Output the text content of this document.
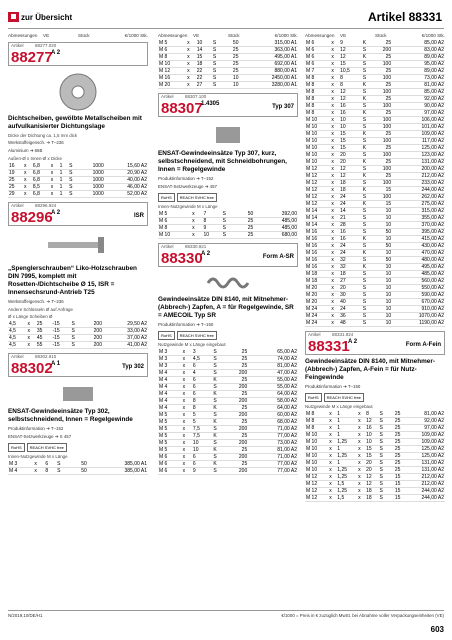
zur Übersicht	Artikel 88331
Abmessungen	VE	Stück	€/1000 Stk.
Artikel	88277.020
88277
A 2
Dichtscheiben, gewölbte Metallscheiben mit aufvulkanisierter Dichtungslage
Dicke der Dichtung ca. 1,5 mm dick
Werkstoffeigensch. ➔ T–236
Aluminium ➔ 66B
Außen-Ø x Innen-Ø x Dicke
16	x	6,8	x	1	S	1000	15,60 A2
19	x	6,8	x	1	S	1000	20,90 A2
25	x	6,8	x	1	S	1000	40,00 A2
25	x	8,5	x	1	S	1000	46,00 A2
29	x	6,8	x	1	S	1000	52,00 A2
Artikel	88296.924
88296
A 2	ISR
„Spenglerschrauben“ Liko-Holzschrauben DIN 7995, komplett mit Rosetten-/Dichtscheibe Ø 15, ISR = Innensechsrund-Antrieb T25
Werkstoffeigensch. ➔ T–236
Andere Schlüsseln Ø auf Anfrage
Ø x Länge Scheiben Ø
4,5	x	25	-15	S	200	29,50 A2
4,5	x	35	-15	S	200	33,00 A2
4,5	x	45	-15	S	200	37,00 A2
4,5	x	55	-15	S	200	41,00 A2
Artikel	88302.910
88302
A 1	Typ 302
ENSAT-Gewindeeinsätze Typ 302, selbstschneidend, Innen = Regelgewinde
Produktinformation ➔ T–152
ENSAT-Setzwerkzeuge ➔ S 457
RoHS	REACH SVHC free
Innen-Nutzgewinde M x Länge
M 3	x	6	S	50	385,00 A1
M 4	x	8	S	50	385,00 A1
Abmessungen	VE	Stück	€/1000 Stk.
M 5	x	10	S	50	315,00 A1
M 6	x	14	S	25	363,00 A1
M 8	x	15	S	25	495,00 A1
M 10	x	18	S	25	692,00 A1
M 12	x	22	S	25	880,00 A1
M 16	x	22	S	10	2450,00 A1
M 20	x	27	S	10	3280,00 A1
Artikel	88307.100
88307
1.4305	Typ 307
ENSAT-Gewindeeinsätze Typ 307, kurz, selbstschneidend, mit Schneidbohrungen, Innen = Regelgewinde
Produktinformation ➔ T–152
ENSAT-Setzwerkzeuge ➔ 457
RoHS	REACH SVHC free
Innen-Nutzgewinde M x Länge
M 5	x	7	S	50	392,00
M 6	x	8	S	25	485,00
M 8	x	9	S	25	485,00
M 10	x	10	S	25	680,00
Artikel	88330.921
88330
A 2	Form A-SR
Gewindeeinsätze DIN 8140, mit Mitnehmer- (Abbrech-) Zapfen, A = für Regelgewinde, SR = AMECOIL Typ SR
Produktinformation ➔ T–150
RoHS	REACH SVHC free
Nutzgewinde M x Länge eingebaut
M 3	x	3	S	25	65,00 A2
M 3	x	4,5	S	25	74,00 A2
M 3	x	6	S	25	81,00 A2
M 4	x	4	S	200	47,00 A2
M 4	x	6	K	25	55,00 A2
M 4	x	6	S	200	55,00 A2
M 4	x	6	K	25	64,00 A2
M 4	x	8	S	200	58,00 A2
M 4	x	8	K	25	64,00 A2
M 5	x	5	S	200	60,00 A2
M 5	x	5	K	25	68,00 A2
M 5	x	7,5	S	200	71,00 A2
M 5	x	7,5	K	25	77,00 A2
M 5	x	10	S	200	73,00 A2
M 5	x	10	K	25	81,00 A2
M 6	x	6	S	200	71,00 A2
M 6	x	6	K	25	77,00 A2
M 6	x	9	S	200	77,00 A2
Abmessungen	VE	Stück	€/1000 Stk.
M 6	x	9	K	25	85,00 A2
M 6	x	12	S	200	83,00 A2
M 6	x	12	K	25	89,00 A2
M 6	x	15	S	100	95,00 A2
M 7	x	10,5	S	25	89,00 A2
M 8	x	8	S	100	73,00 A2
M 8	x	8	K	25	81,00 A2
M 8	x	12	S	100	85,00 A2
M 8	x	12	K	25	92,00 A2
M 8	x	16	S	100	90,00 A2
M 8	x	16	K	25	97,00 A2
M 10	x	10	S	100	106,00 A2
M 10	x	10	S	100	101,00 A2
M 10	x	15	K	25	109,00 A2
M 10	x	15	S	100	117,00 A2
M 10	x	15	K	25	125,00 A2
M 10	x	20	S	100	123,00 A2
M 10	x	20	K	25	131,00 A2
M 12	x	12	S	100	200,00 A2
M 12	x	12	K	25	212,00 A2
M 12	x	18	S	100	233,00 A2
M 12	x	18	K	15	244,00 A2
M 12	x	24	S	100	262,00 A2
M 12	x	24	K	15	275,00 A2
M 14	x	14	S	10	315,00 A2
M 14	x	21	S	10	355,00 A2
M 14	x	28	S	10	370,00 A2
M 16	x	16	S	50	395,00 A2
M 16	x	16	K	10	415,00 A2
M 16	x	24	S	50	430,00 A2
M 16	x	24	K	10	470,00 A2
M 16	x	32	S	50	480,00 A2
M 16	x	32	K	10	495,00 A2
M 18	x	18	S	10	485,00 A2
M 18	x	27	S	10	560,00 A2
M 20	x	20	S	10	550,00 A2
M 20	x	30	S	10	590,00 A2
M 20	x	40	S	10	670,00 A2
M 24	x	24	S	10	910,00 A2
M 24	x	36	S	10	1070,00 A2
M 24	x	48	S	10	1190,00 A2
Artikel	88331.924
88331
A 2	Form A-Fein
Gewindeeinsätze DIN 8140, mit Mitnehmer- (Abbrech-) Zapfen, A-Fein = für Nutz-Feingewinde
Produktinformation ➔ T–150
RoHS	REACH SVHC free
Nutzgewinde M x Länge eingebaut
M 8	x	1	x	8	S	25	81,00 A2
M 8	x	1	x	12	S	25	92,00 A2
M 8	x	1	x	16	S	25	97,00 A2
M 10	x	1	x	10	S	25	109,00 A2
M 10	x	1,25	x	10	S	25	109,00 A2
M 10	x	1	x	15	S	25	125,00 A2
M 10	x	1,25	x	15	S	25	125,00 A2
M 10	x	1	x	20	S	25	131,00 A2
M 10	x	1,25	x	20	S	25	131,00 A2
M 12	x	1,25	x	12	S	15	212,00 A2
M 12	x	1,5	x	12	S	15	212,00 A2
M 12	x	1,25	x	18	S	15	244,00 A2
M 12	x	1,5	x	18	S	15	244,00 A2
N/2019,10/DE/H1	€/1000 = Preis in € zuzüglich MwSt. bei Abnahme voller Verpackungseinheiten (VE)
603
